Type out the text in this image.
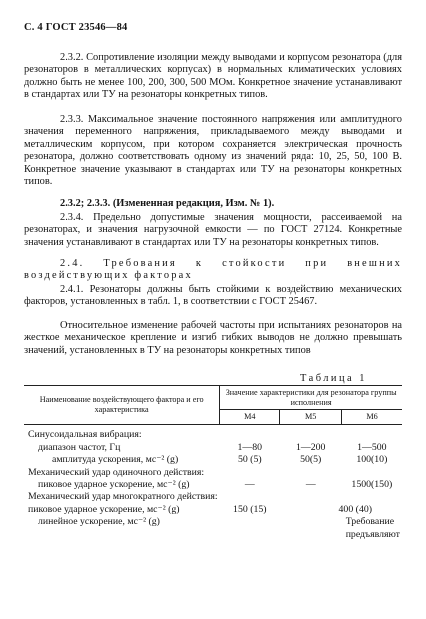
С. 4 ГОСТ 23546—84

2.3.2. Сопротивление изоляции между выводами и корпусом резонатора (для резонаторов в металлических корпусах) в нормальных климатических условиях должно быть не менее 100, 200, 300, 500 МОм. Конкретное значение устанавливают в стандартах или ТУ на резонаторы конкретных типов.

2.3.3. Максимальное значение постоянного напряжения или амплитудного значения переменного напряжения, прикладываемого между выводами и металлическим корпусом, при котором сохраняется электрическая прочность резонатора, должно соответствовать одному из значений ряда: 10, 25, 50, 100 В. Конкретное значение указывают в стандартах или ТУ на резонаторы конкретных типов.

2.3.2; 2.3.3. (Измененная редакция, Изм. № 1).

2.3.4. Предельно допустимые значения мощности, рассеиваемой на резонаторах, и значения нагрузочной емкости — по ГОСТ 27124. Конкретные значения устанавливают в стандартах или ТУ на резонаторы конкретных типов.

2.4. Требования к стойкости при внешних воздействующих факторах

2.4.1. Резонаторы должны быть стойкими к воздействию механических факторов, установленных в табл. 1, в соответствии с ГОСТ 25467.

Относительное изменение рабочей частоты при испытаниях резонаторов на жесткое механическое крепление и изгиб гибких выводов не должно превышать значений, установленных в ТУ на резонаторы конкретных типов

Таблица 1
Наименование воздействующего фактора и его характеристика	Значение характеристики для резонатора группы исполнения		
	М4	М5	М6

Синусоидальная вибрация:			
диапазон частот, Гц	1—80	1—200	1—500
амплитуда ускорения, мс⁻² (g)	50 (5)	50(5)	100(10)
Механический удар одиночного действия:			
пиковое ударное ускорение, мс⁻² (g)	—	—	1500(150)
Механический удар многократного действия:			
пиковое ударное ускорение, мс⁻² (g)	150 (15)	400 (40)	
линейное ускорение, мс⁻² (g)			Требование предъявляют
